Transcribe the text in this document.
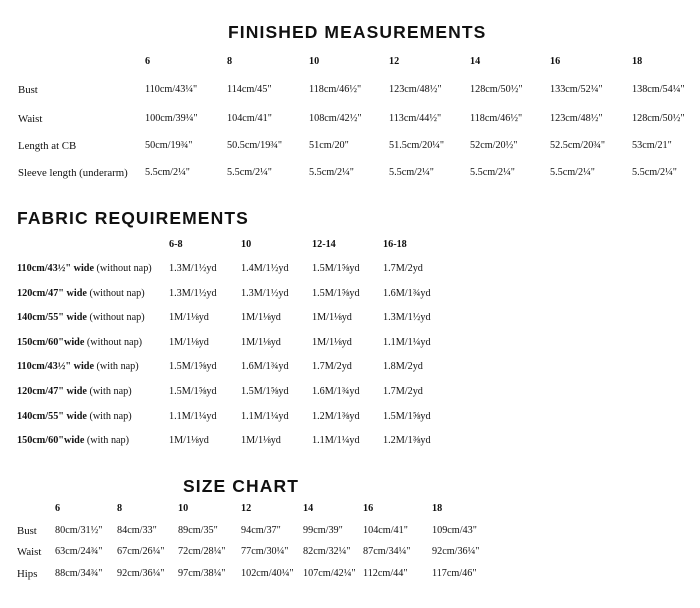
FINISHED MEASUREMENTS
6	8	10	12	14	16	18
Bust	110cm/43¼"	114cm/45"	118cm/46½"	123cm/48½"	128cm/50½"	133cm/52¼"	138cm/54¼"
Waist	100cm/39¼"	104cm/41"	108cm/42½"	113cm/44½"	118cm/46½"	123cm/48½"	128cm/50½"
Length at CB	50cm/19¾"	50.5cm/19¾"	51cm/20"	51.5cm/20¼"	52cm/20½"	52.5cm/20¾"	53cm/21"
Sleeve length (underarm) 5.5cm/2¼"	5.5cm/2¼"	5.5cm/2¼"	5.5cm/2¼"	5.5cm/2¼"	5.5cm/2¼"	5.5cm/2¼"
FABRIC REQUIREMENTS
6-8	10	12-14	16-18
110cm/43½" wide (without nap) 1.3M/1½yd 1.4M/1½yd 1.5M/1⅝yd 1.7M/2yd
120cm/47" wide (without nap) 1.3M/1½yd 1.3M/1½yd 1.5M/1⅝yd 1.6M/1¾yd
140cm/55" wide (without nap) 1M/1⅛yd	1M/1⅛yd	1M/1⅛yd	1.3M/1½yd
150cm/60"wide (without nap)	1M/1⅛yd	1M/1⅛yd	1M/1⅛yd	1.1M/1¼yd
110cm/43½" wide (with nap)	1.5M/1⅝yd 1.6M/1¾yd 1.7M/2yd	1.8M/2yd
120cm/47" wide (with nap)	1.5M/1⅝yd 1.5M/1⅝yd 1.6M/1¾yd 1.7M/2yd
140cm/55" wide (with nap)	1.1M/1¼yd 1.1M/1¼yd 1.2M/1⅜yd 1.5M/1⅝yd
150cm/60"wide (with nap)	1M/1⅛yd	1M/1⅛yd	1.1M/1¼yd 1.2M/1⅜yd
SIZE CHART
6	8	10	12	14	16	18
Bust 80cm/31½" 84cm/33" 89cm/35" 94cm/37" 99cm/39" 104cm/41" 109cm/43"
Waist 63cm/24¾" 67cm/26¼" 72cm/28¼" 77cm/30¼" 82cm/32¼" 87cm/34¼" 92cm/36¼"
Hips 88cm/34¾" 92cm/36¼" 97cm/38¼" 102cm/40¼" 107cm/42¼" 112cm/44" 117cm/46"
